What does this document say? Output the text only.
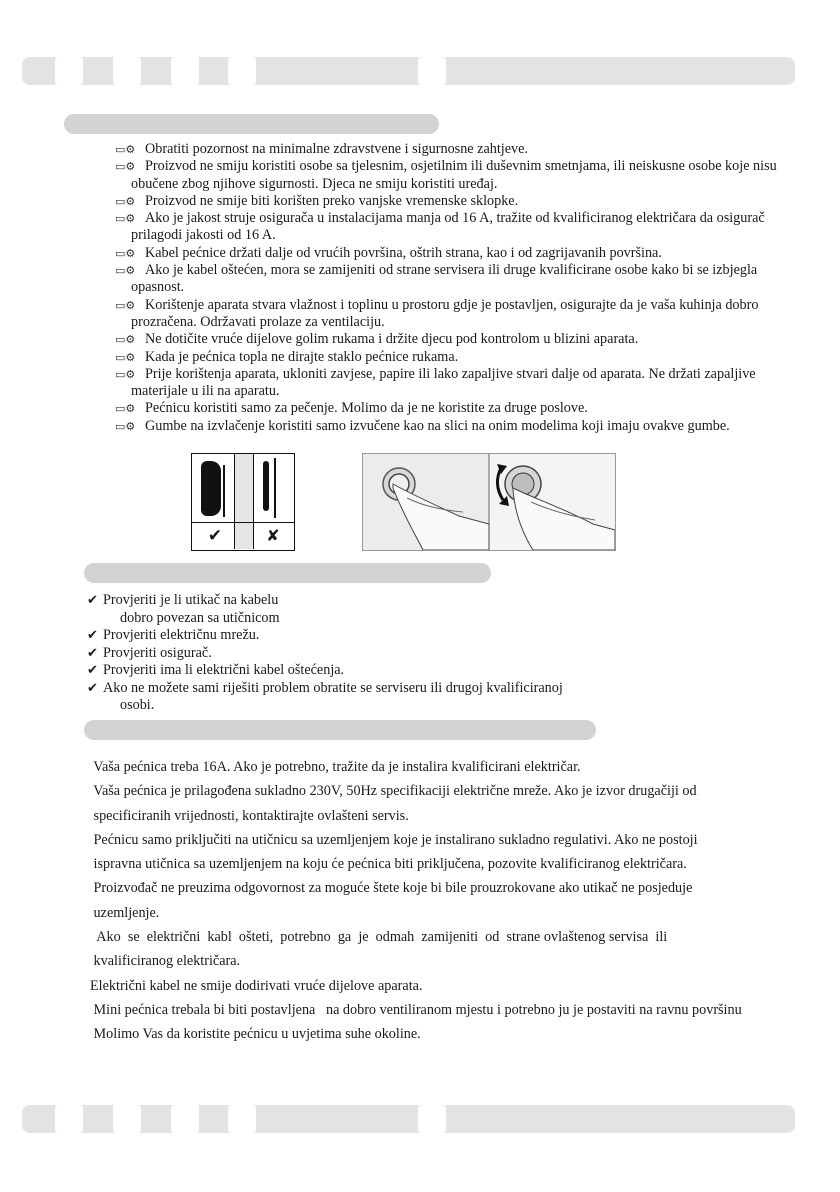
▭⚙ Obratiti pozornost na minimalne zdravstvene i sigurnosne zahtjeve.
▭⚙ Proizvod ne smiju koristiti osobe sa tjelesnim, osjetilnim ili duševnim smetnjama, ili neiskusne osobe koje nisu
obučene zbog njihove sigurnosti. Djeca ne smiju koristiti uređaj.
▭⚙ Proizvod ne smije biti korišten preko vanjske vremenske sklopke.
▭⚙ Ako je jakost struje osigurača u instalacijama manja od 16 A, tražite od kvalificiranog električara da osigurač
prilagodi jakosti od 16 A.
▭⚙ Kabel pećnice držati dalje od vrućih površina, oštrih strana, kao i od zagrijavanih površina.
▭⚙ Ako je kabel oštećen, mora se zamijeniti od strane servisera ili druge kvalificirane osobe kako bi se izbjegla
opasnost.
▭⚙ Korištenje aparata stvara vlažnost i toplinu u prostoru gdje je postavljen, osigurajte da je vaša kuhinja dobro
prozračena. Održavati prolaze za ventilaciju.
▭⚙ Ne dotičite vruće dijelove golim rukama i držite djecu pod kontrolom u blizini aparata.
▭⚙ Kada je pećnica topla ne dirajte staklo pećnice rukama.
▭⚙ Prije korištenja aparata, ukloniti zavjese, papire ili lako zapaljive stvari dalje od aparata. Ne držati zapaljive
materijale u ili na aparatu.
▭⚙ Pećnicu koristiti samo za pečenje. Molimo da je ne koristite za druge poslove.
▭⚙ Gumbe na izvlačenje koristiti samo izvučene kao na slici na onim modelima koji imaju ovakve gumbe.
✔	✘
✔ Provjeriti je li utikač na kabelu
dobro povezan sa utičnicom
✔ Provjeriti električnu mrežu.
✔ Provjeriti osigurač.
✔ Provjeriti ima li električni kabel oštećenja.
✔ Ako ne možete sami riješiti problem obratite se serviseru ili drugoj kvalificiranoj
osobi.

Vaša pećnica treba 16A. Ako je potrebno, tražite da je instalira kvalificirani električar.

Vaša pećnica je prilagođena sukladno 230V, 50Hz specifikaciji električne mreže. Ako je izvor drugačiji od

specificiranih vrijednosti, kontaktirajte ovlašteni servis.

Pećnicu samo priključiti na utičnicu sa uzemljenjem koje je instalirano sukladno regulativi. Ako ne postoji

ispravna utičnica sa uzemljenjem na koju će pećnica biti priključena, pozovite kvalificiranog električara.

Proizvođač ne preuzima odgovornost za moguće štete koje bi bile prouzrokovane ako utikač ne posjeduje

uzemljenje.

Ako  se  električni  kabl  ošteti,  potrebno  ga  je  odmah  zamijeniti  od  strane ovlaštenog servisa  ili

kvalificiranog električara.

Električni kabel ne smije dodirivati vruće dijelove aparata.

Mini pećnica trebala bi biti postavljena   na dobro ventiliranom mjestu i potrebno ju je postaviti na ravnu površinu

Molimo Vas da koristite pećnicu u uvjetima suhe okoline.
